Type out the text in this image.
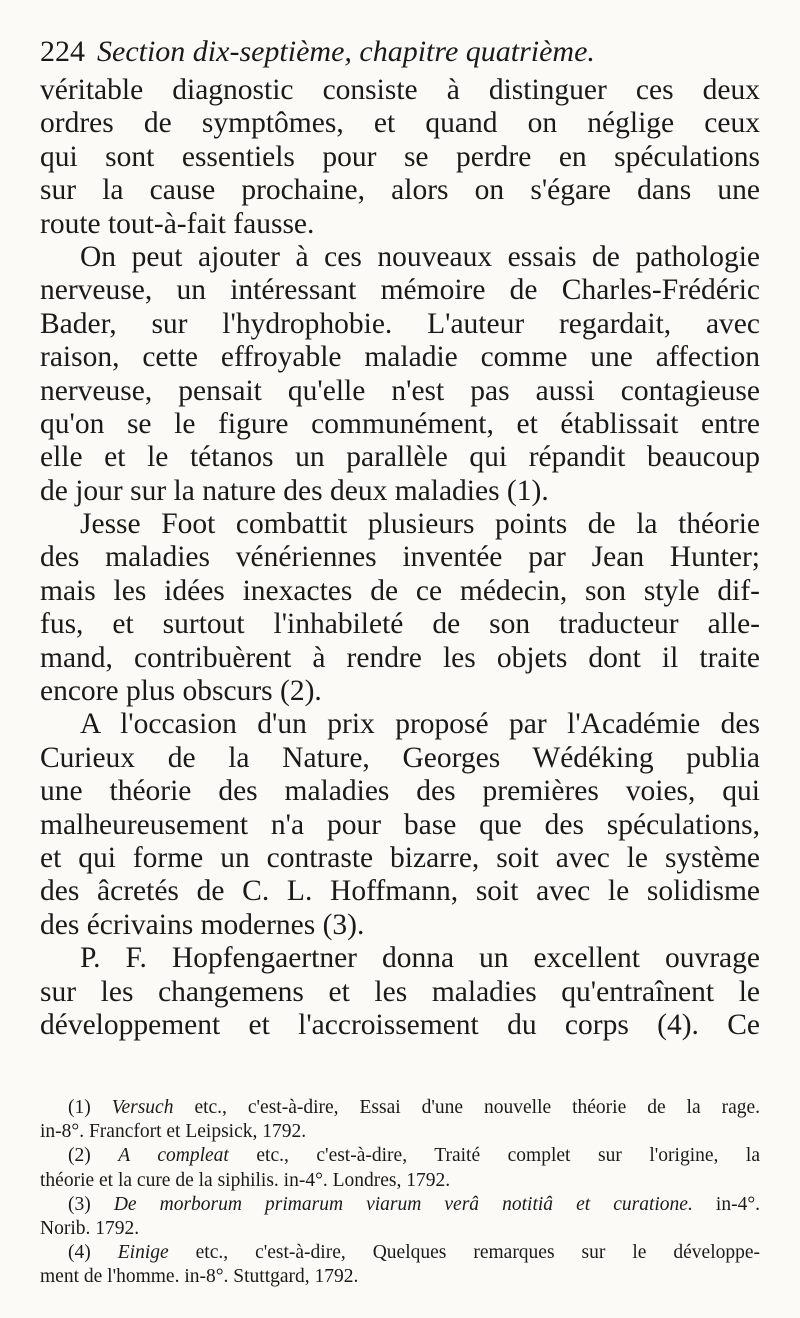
224 Section dix-septième, chapitre quatrième.
véritable diagnostic consiste à distinguer ces deux
ordres de symptômes, et quand on néglige ceux
qui sont essentiels pour se perdre en spéculations
sur la cause prochaine, alors on s'égare dans une
route tout-à-fait fausse.
On peut ajouter à ces nouveaux essais de pathologie
nerveuse, un intéressant mémoire de Charles-Frédéric
Bader, sur l'hydrophobie. L'auteur regardait, avec
raison, cette effroyable maladie comme une affection
nerveuse, pensait qu'elle n'est pas aussi contagieuse
qu'on se le figure communément, et établissait entre
elle et le tétanos un parallèle qui répandit beaucoup
de jour sur la nature des deux maladies (1).
Jesse Foot combattit plusieurs points de la théorie
des maladies vénériennes inventée par Jean Hunter;
mais les idées inexactes de ce médecin, son style dif-
fus, et surtout l'inhabileté de son traducteur alle-
mand, contribuèrent à rendre les objets dont il traite
encore plus obscurs (2).
A l'occasion d'un prix proposé par l'Académie des
Curieux de la Nature, Georges Wédéking publia
une théorie des maladies des premières voies, qui
malheureusement n'a pour base que des spéculations,
et qui forme un contraste bizarre, soit avec le système
des âcretés de C. L. Hoffmann, soit avec le solidisme
des écrivains modernes (3).
P. F. Hopfengaertner donna un excellent ouvrage
sur les changemens et les maladies qu'entraînent le
développement et l'accroissement du corps (4). Ce
(1) Versuch etc., c'est-à-dire, Essai d'une nouvelle théorie de la rage.
in-8°. Francfort et Leipsick, 1792.
(2) A compleat etc., c'est-à-dire, Traité complet sur l'origine, la
théorie et la cure de la siphilis. in-4°. Londres, 1792.
(3) De morborum primarum viarum verâ notitiâ et curatione. in-4°.
Norib. 1792.
(4) Einige etc., c'est-à-dire, Quelques remarques sur le développe-
ment de l'homme. in-8°. Stuttgard, 1792.
